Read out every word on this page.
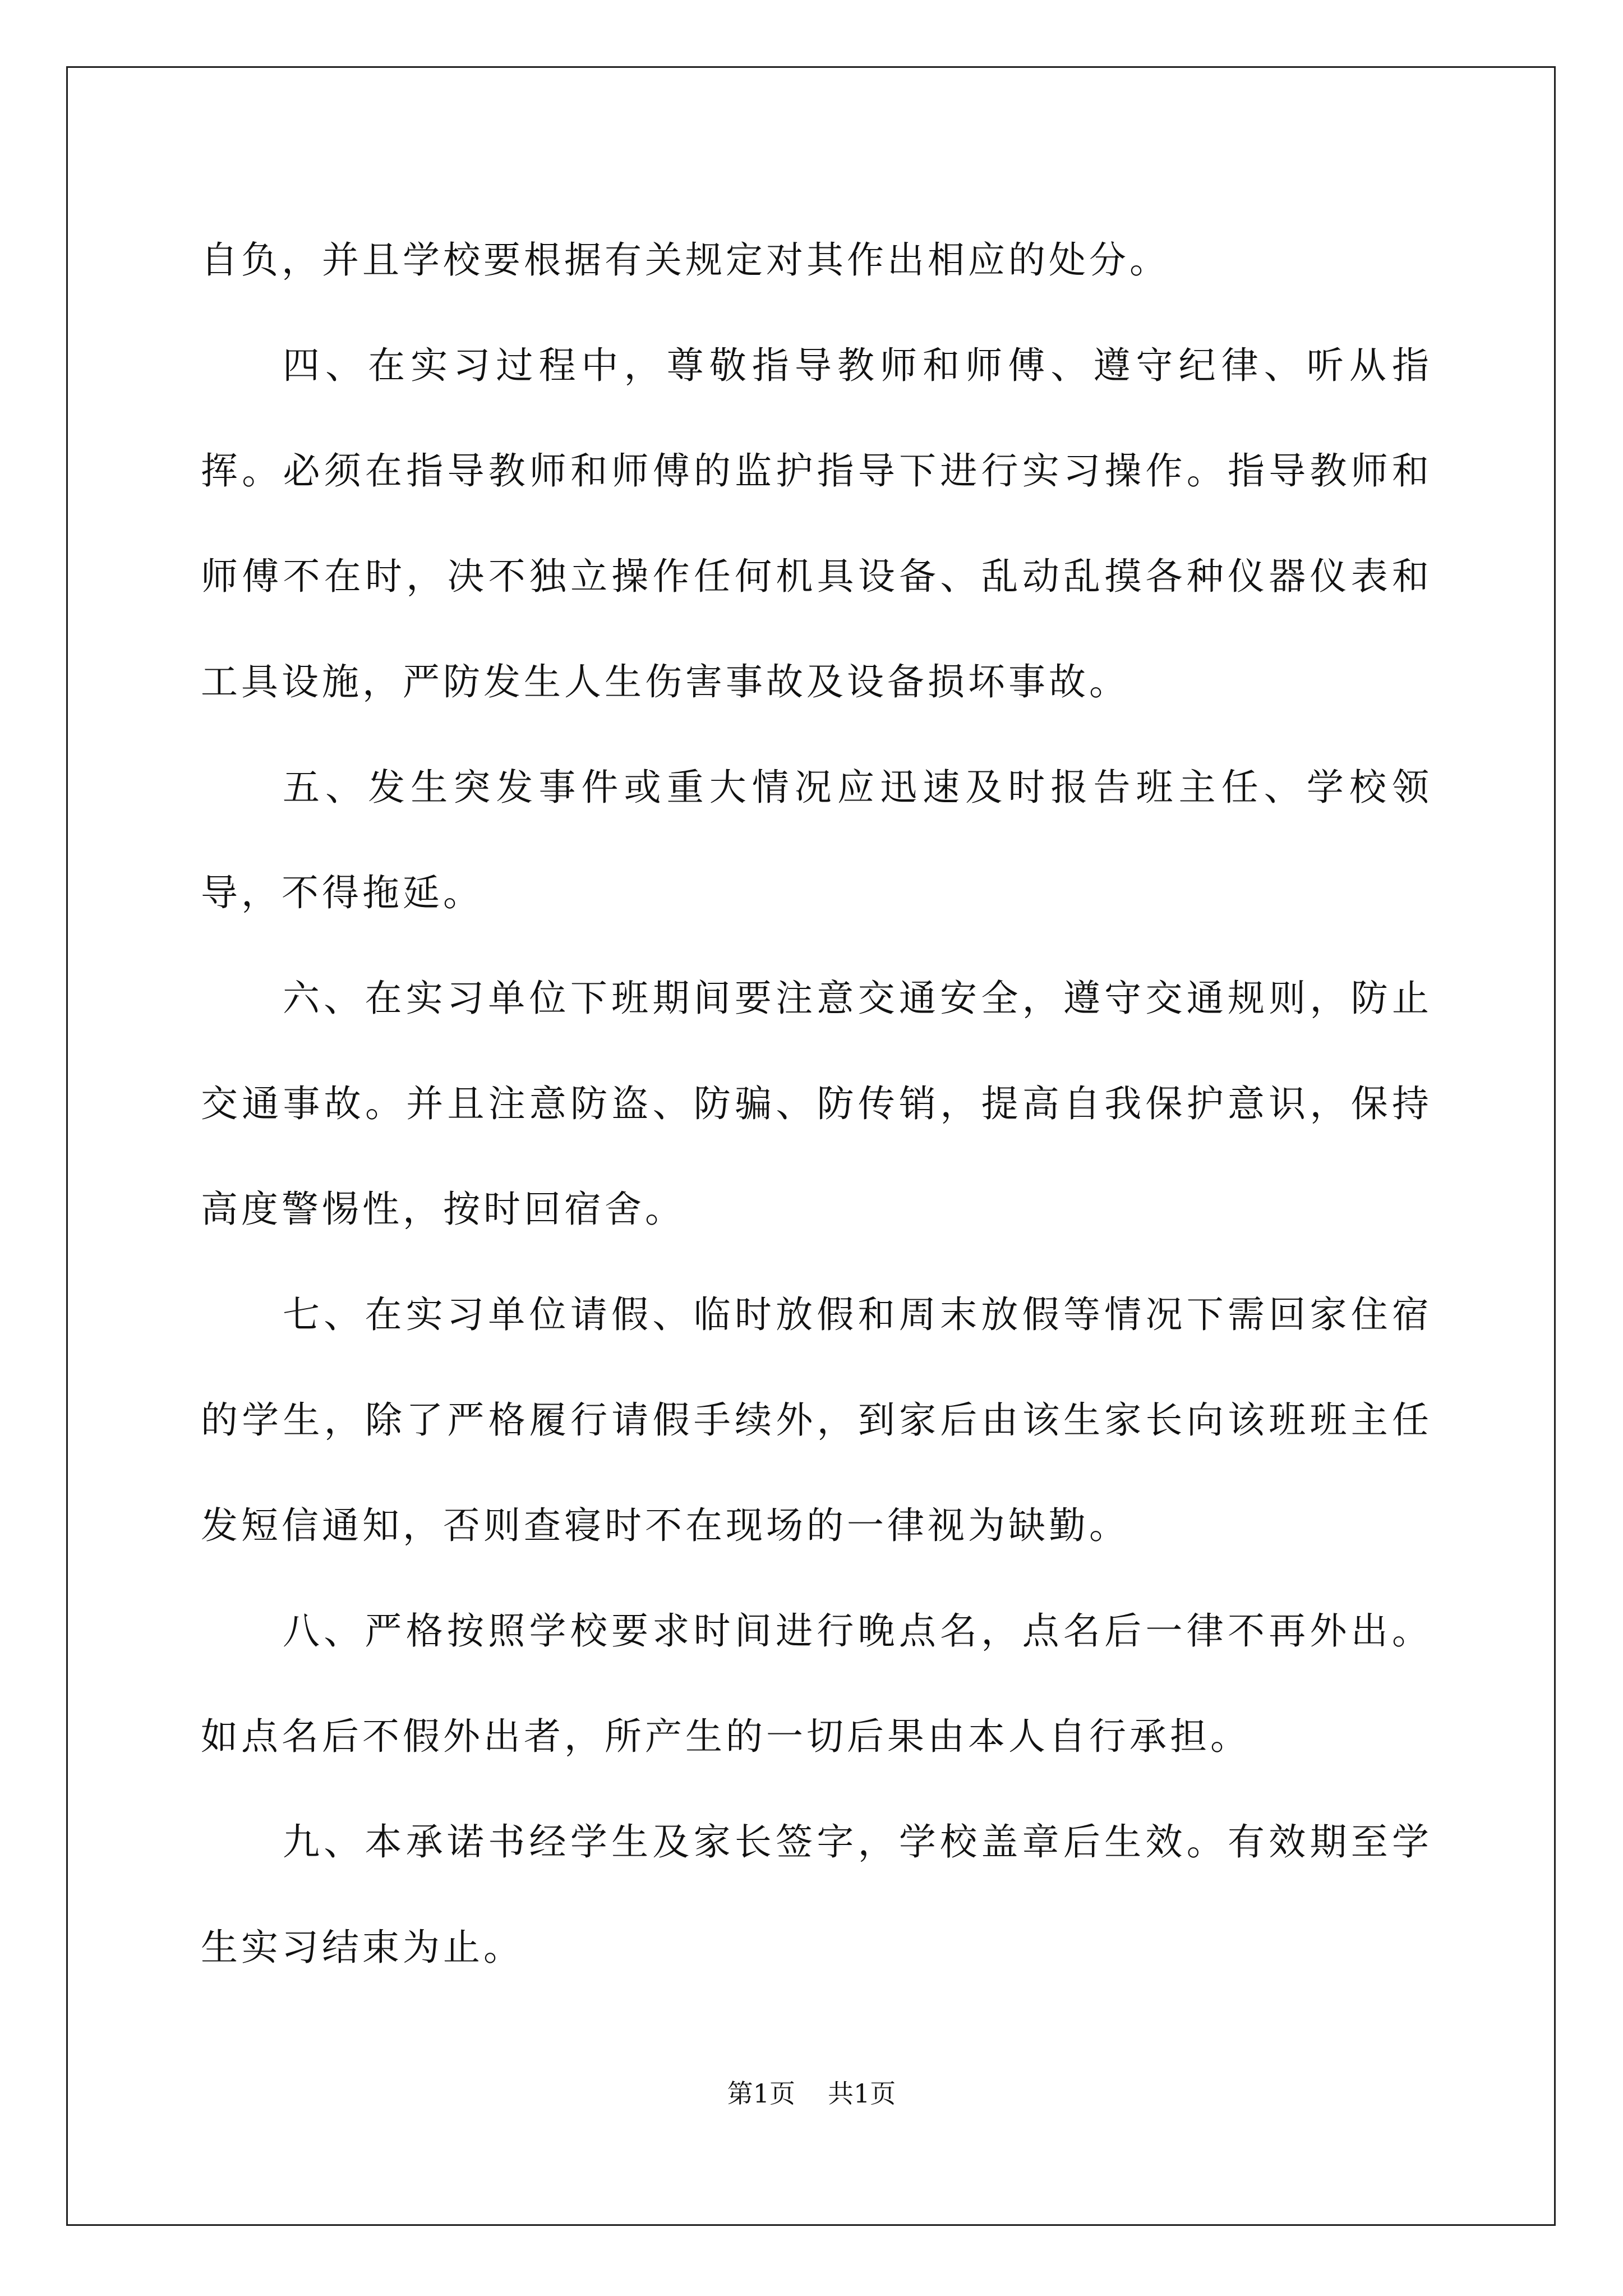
自负，并且学校要根据有关规定对其作出相应的处分。

四、在实习过程中，尊敬指导教师和师傅、遵守纪律、听从指挥。必须在指导教师和师傅的监护指导下进行实习操作。指导教师和师傅不在时，决不独立操作任何机具设备、乱动乱摸各种仪器仪表和工具设施，严防发生人生伤害事故及设备损坏事故。

五、发生突发事件或重大情况应迅速及时报告班主任、学校领导，不得拖延。

六、在实习单位下班期间要注意交通安全，遵守交通规则，防止交通事故。并且注意防盗、防骗、防传销，提高自我保护意识，保持高度警惕性，按时回宿舍。

七、在实习单位请假、临时放假和周末放假等情况下需回家住宿的学生，除了严格履行请假手续外，到家后由该生家长向该班班主任发短信通知，否则查寝时不在现场的一律视为缺勤。

八、严格按照学校要求时间进行晚点名，点名后一律不再外出。如点名后不假外出者，所产生的一切后果由本人自行承担。

九、本承诺书经学生及家长签字，学校盖章后生效。有效期至学生实习结束为止。

第1页 共1页
